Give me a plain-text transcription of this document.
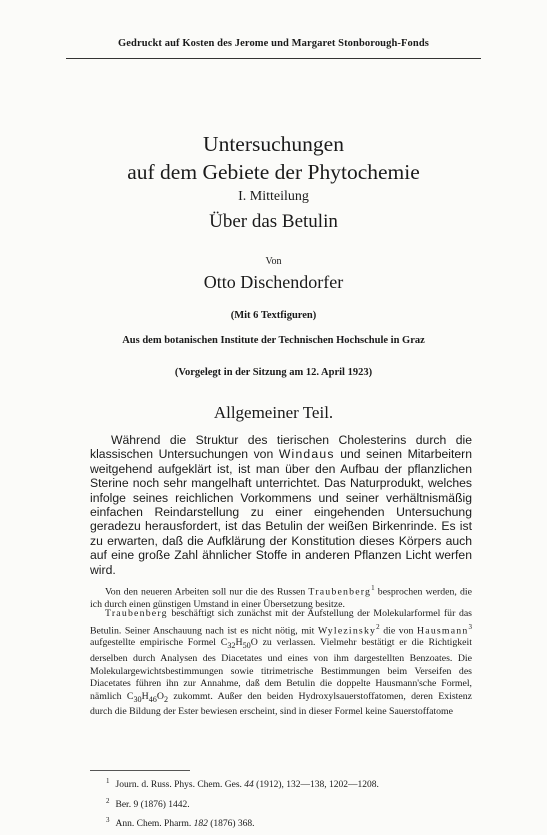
Gedruckt auf Kosten des Jerome und Margaret Stonborough-Fonds
Untersuchungen
auf dem Gebiete der Phytochemie
I. Mitteilung
Über das Betulin
Von
Otto Dischendorfer
(Mit 6 Textfiguren)
Aus dem botanischen Institute der Technischen Hochschule in Graz
(Vorgelegt in der Sitzung am 12. April 1923)
Allgemeiner Teil.

Während die Struktur des tierischen Cholesterins durch die klassischen Untersuchungen von Windaus und seinen Mitarbeitern weitgehend aufgeklärt ist, ist man über den Aufbau der pflanzlichen Sterine noch sehr mangelhaft unterrichtet. Das Naturprodukt, welches infolge seines reichlichen Vorkommens und seiner verhältnismäßig einfachen Reindarstellung zu einer eingehenden Untersuchung geradezu herausfordert, ist das Betulin der weißen Birkenrinde. Es ist zu erwarten, daß die Aufklärung der Konstitution dieses Körpers auch auf eine große Zahl ähnlicher Stoffe in anderen Pflanzen Licht werfen wird.

Von den neueren Arbeiten soll nur die des Russen Traubenberg$^1$ besprochen werden, die ich durch einen günstigen Umstand in einer Übersetzung besitze.

Traubenberg beschäftigt sich zunächst mit der Aufstellung der Molekularformel für das Betulin. Seiner Anschauung nach ist es nicht nötig, mit Wylezinsky$^2$ die von Hausmann$^3$ aufgestellte empirische Formel $C_{32}H_{50}O$ zu verlassen. Vielmehr bestätigt er die Richtigkeit derselben durch Analysen des Diacetates und eines von ihm dargestellten Benzoates. Die Molekulargewichtsbestimmungen sowie titrimetrische Bestimmungen beim Verseifen des Diacetates führen ihn zur Annahme, daß dem Betulin die doppelte Hausmann'sche Formel, nämlich $C_{30}H_{46}O_2$ zukommt. Außer den beiden Hydroxylsauerstoffatomen, deren Existenz durch die Bildung der Ester bewiesen erscheint, sind in dieser Formel keine Sauerstoffatome

$^1$ Journ. d. Russ. Phys. Chem. Ges. 44 (1912), 132—138, 1202—1208.
$^2$ Ber. 9 (1876) 1442.
$^3$ Ann. Chem. Pharm. 182 (1876) 368.
